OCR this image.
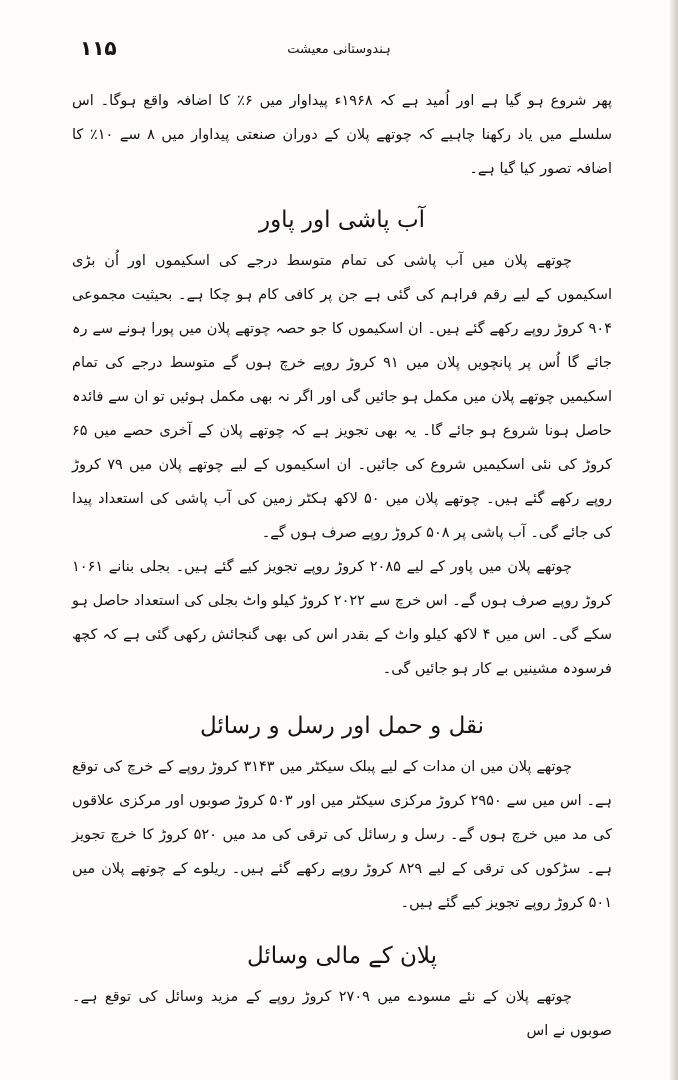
۱۱۵	ہندوستانی معیشت

پھر شروع ہو گیا ہے اور اُمید ہے کہ ۱۹۶۸ء پیداوار میں ۶٪ کا اضافہ واقع ہوگا۔ اس سلسلے میں یاد رکھنا چاہیے کہ چوتھے پلان کے دوران صنعتی پیداوار میں ۸ سے ۱۰٪ کا اضافہ تصور کیا گیا ہے۔

آب پاشی اور پاور

چوتھے پلان میں آب پاشی کی تمام متوسط درجے کی اسکیموں اور اُن بڑی اسکیموں کے لیے رقم فراہم کی گئی ہے جن پر کافی کام ہو چکا ہے۔ بحیثیت مجموعی ۹۰۴ کروڑ روپے رکھے گئے ہیں۔ ان اسکیموں کا جو حصہ چوتھے پلان میں پورا ہونے سے رہ جائے گا اُس پر پانچویں پلان میں ۹۱ کروڑ روپے خرچ ہوں گے متوسط درجے کی تمام اسکیمیں چوتھے پلان میں مکمل ہو جائیں گی اور اگر نہ بھی مکمل ہوئیں تو ان سے فائدہ حاصل ہونا شروع ہو جائے گا۔ یہ بھی تجویز ہے کہ چوتھے پلان کے آخری حصے میں ۶۵ کروڑ کی نئی اسکیمیں شروع کی جائیں۔ ان اسکیموں کے لیے چوتھے پلان میں ۷۹ کروڑ روپے رکھے گئے ہیں۔ چوتھے پلان میں ۵۰ لاکھ ہکٹر زمین کی آب پاشی کی استعداد پیدا کی جائے گی۔ آب پاشی پر ۵۰۸ کروڑ روپے صرف ہوں گے۔

چوتھے پلان میں پاور کے لیے ۲۰۸۵ کروڑ روپے تجویز کیے گئے ہیں۔ بجلی بنانے ۱۰۶۱ کروڑ روپے صرف ہوں گے۔ اس خرچ سے ۲۰۲۲ کروڑ کیلو واٹ بجلی کی استعداد حاصل ہو سکے گی۔ اس میں ۴ لاکھ کیلو واٹ کے بقدر اس کی بھی گنجائش رکھی گئی ہے کہ کچھ فرسودہ مشینیں بے کار ہو جائیں گی۔

نقل و حمل اور رسل و رسائل

چوتھے پلان میں ان مدات کے لیے پبلک سیکٹر میں ۳۱۴۳ کروڑ روپے کے خرچ کی توقع ہے۔ اس میں سے ۲۹۵۰ کروڑ مرکزی سیکٹر میں اور ۵۰۳ کروڑ صوبوں اور مرکزی علاقوں کی مد میں خرچ ہوں گے۔ رسل و رسائل کی ترقی کی مد میں ۵۲۰ کروڑ کا خرچ تجویز ہے۔ سڑکوں کی ترقی کے لیے ۸۲۹ کروڑ روپے رکھے گئے ہیں۔ ریلوے کے چوتھے پلان میں ۵۰۱ کروڑ روپے تجویز کیے گئے ہیں۔

پلان کے مالی وسائل

چوتھے پلان کے نئے مسودے میں ۲۷۰۹ کروڑ روپے کے مزید وسائل کی توقع ہے۔ صوبوں نے اس
